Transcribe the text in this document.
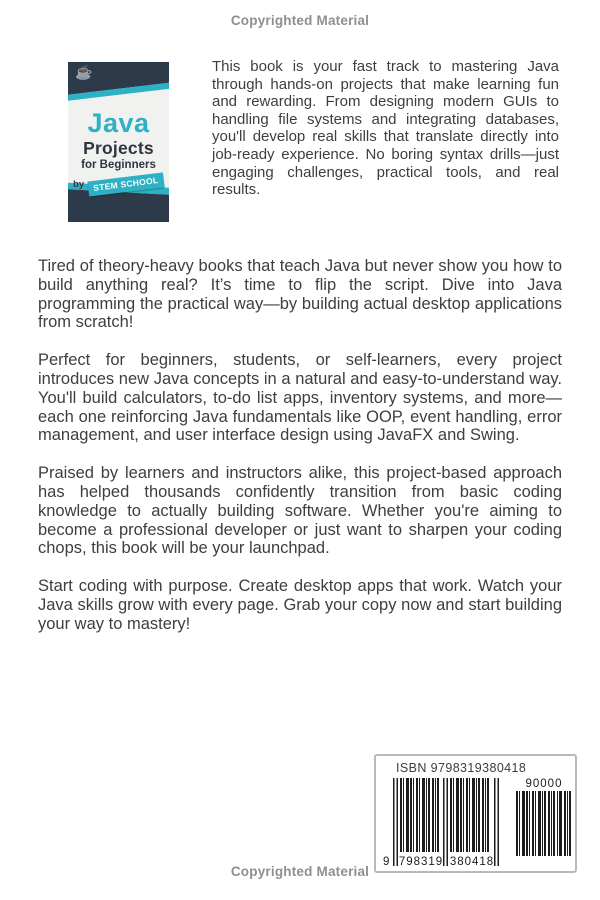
Copyrighted Material
☕
Java
Projects
for Beginners
by	STEM SCHOOL

This book is your fast track to mastering Java through hands-on projects that make learning fun and rewarding. From designing modern GUIs to handling file systems and integrating databases, you'll develop real skills that translate directly into job-ready experience. No boring syntax drills—just engaging challenges, practical tools, and real results.

Tired of theory-heavy books that teach Java but never show you how to build anything real? It’s time to flip the script. Dive into Java programming the practical way—by building actual desktop applications from scratch!

Perfect for beginners, students, or self-learners, every project introduces new Java concepts in a natural and easy-to-understand way. You'll build calculators, to-do list apps, inventory systems, and more—each one reinforcing Java fundamentals like OOP, event handling, error management, and user interface design using JavaFX and Swing.

Praised by learners and instructors alike, this project-based approach has helped thousands confidently transition from basic coding knowledge to actually building software. Whether you're aiming to become a professional developer or just want to sharpen your coding chops, this book will be your launchpad.

Start coding with purpose. Create desktop apps that work. Watch your Java skills grow with every page. Grab your copy now and start building your way to mastery!

ISBN 9798319380418
9 798319 380418
90000
Copyrighted Material
